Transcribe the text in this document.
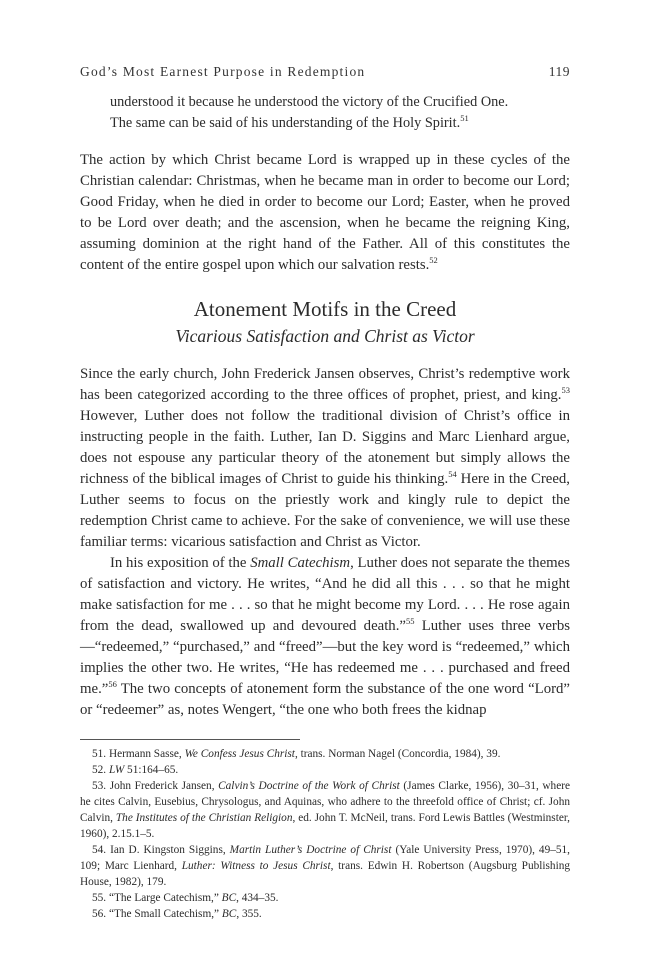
God’s Most Earnest Purpose in Redemption	119

understood it because he understood the victory of the Crucified One.

The same can be said of his understanding of the Holy Spirit.$^{51}$

The action by which Christ became Lord is wrapped up in these cycles of the Christian calendar: Christmas, when he became man in order to become our Lord; Good Friday, when he died in order to become our Lord; Easter, when he proved to be Lord over death; and the ascension, when he became the reigning King, assuming dominion at the right hand of the Father. All of this constitutes the content of the entire gospel upon which our salvation rests.$^{52}$

Atonement Motifs in the Creed
Vicarious Satisfaction and Christ as Victor

Since the early church, John Frederick Jansen observes, Christ’s redemptive work has been categorized according to the three offices of prophet, priest, and king.$^{53}$ However, Luther does not follow the traditional division of Christ’s office in instructing people in the faith. Luther, Ian D. Siggins and Marc Lienhard argue, does not espouse any particular theory of the atonement but simply allows the richness of the biblical images of Christ to guide his thinking.$^{54}$ Here in the Creed, Luther seems to focus on the priestly work and kingly rule to depict the redemption Christ came to achieve. For the sake of convenience, we will use these familiar terms: vicarious satisfaction and Christ as Victor.

In his exposition of the Small Catechism, Luther does not separate the themes of satisfaction and victory. He writes, “And he did all this . . . so that he might make satisfaction for me . . . so that he might become my Lord. . . . He rose again from the dead, swallowed up and devoured death.”$^{55}$ Luther uses three verbs—“redeemed,” “purchased,” and “freed”—but the key word is “redeemed,” which implies the other two. He writes, “He has redeemed me . . . purchased and freed me.”$^{56}$ The two concepts of atonement form the substance of the one word “Lord” or “redeemer” as, notes Wengert, “the one who both frees the kidnap

51. Hermann Sasse, We Confess Jesus Christ, trans. Norman Nagel (Concordia, 1984), 39.

52. LW 51:164–65.

53. John Frederick Jansen, Calvin’s Doctrine of the Work of Christ (James Clarke, 1956), 30–31, where he cites Calvin, Eusebius, Chrysologus, and Aquinas, who adhere to the threefold office of Christ; cf. John Calvin, The Institutes of the Christian Religion, ed. John T. McNeil, trans. Ford Lewis Battles (Westminster, 1960), 2.15.1–5.

54. Ian D. Kingston Siggins, Martin Luther’s Doctrine of Christ (Yale University Press, 1970), 49–51, 109; Marc Lienhard, Luther: Witness to Jesus Christ, trans. Edwin H. Robertson (Augsburg Publishing House, 1982), 179.

55. “The Large Catechism,” BC, 434–35.

56. “The Small Catechism,” BC, 355.
